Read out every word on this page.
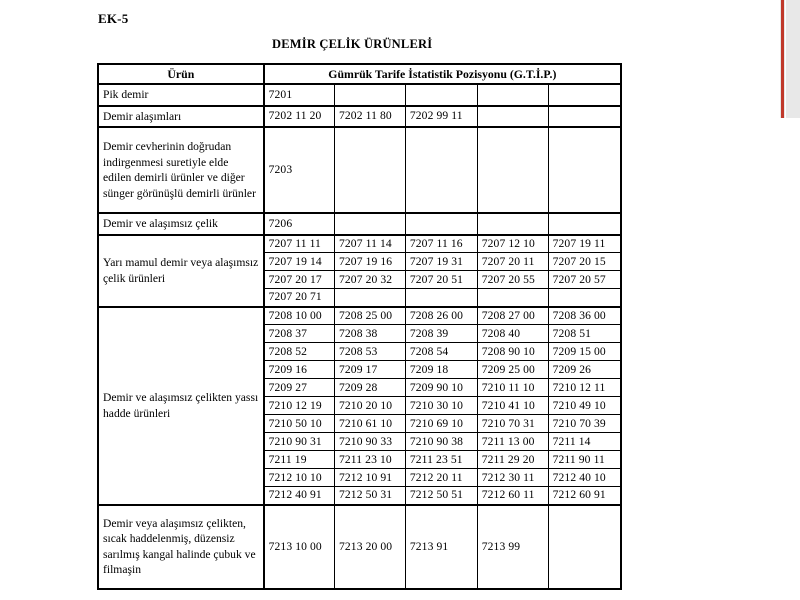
EK-5
DEMİR ÇELİK ÜRÜNLERİ
Ürün	Gümrük Tarife İstatistik Pozisyonu (G.T.İ.P.)				
Pik demir	7201				
Demir alaşımları	7202 11 20	7202 11 80	7202 99 11		
Demir cevherinin doğrudan indirgenmesi suretiyle elde edilen demirli ürünler ve diğer sünger görünüşlü demirli ürünler	7203				
Demir ve alaşımsız çelik	7206				
Yarı mamul demir veya alaşımsız çelik ürünleri	7207 11 11	7207 11 14	7207 11 16	7207 12 10	7207 19 11
	7207 19 14	7207 19 16	7207 19 31	7207 20 11	7207 20 15
	7207 20 17	7207 20 32	7207 20 51	7207 20 55	7207 20 57
	7207 20 71				
Demir ve alaşımsız çelikten yassı hadde ürünleri	7208 10 00	7208 25 00	7208 26 00	7208 27 00	7208 36 00
	7208 37	7208 38	7208 39	7208 40	7208 51
	7208 52	7208 53	7208 54	7208 90 10	7209 15 00
	7209 16	7209 17	7209 18	7209 25 00	7209 26
	7209 27	7209 28	7209 90 10	7210 11 10	7210 12 11
	7210 12 19	7210 20 10	7210 30 10	7210 41 10	7210 49 10
	7210 50 10	7210 61 10	7210 69 10	7210 70 31	7210 70 39
	7210 90 31	7210 90 33	7210 90 38	7211 13 00	7211 14
	7211 19	7211 23 10	7211 23 51	7211 29 20	7211 90 11
	7212 10 10	7212 10 91	7212 20 11	7212 30 11	7212 40 10
	7212 40 91	7212 50 31	7212 50 51	7212 60 11	7212 60 91
Demir veya alaşımsız çelikten, sıcak haddelenmiş, düzensiz sarılmış kangal halinde çubuk ve filmaşin	7213 10 00	7213 20 00	7213 91	7213 99	
